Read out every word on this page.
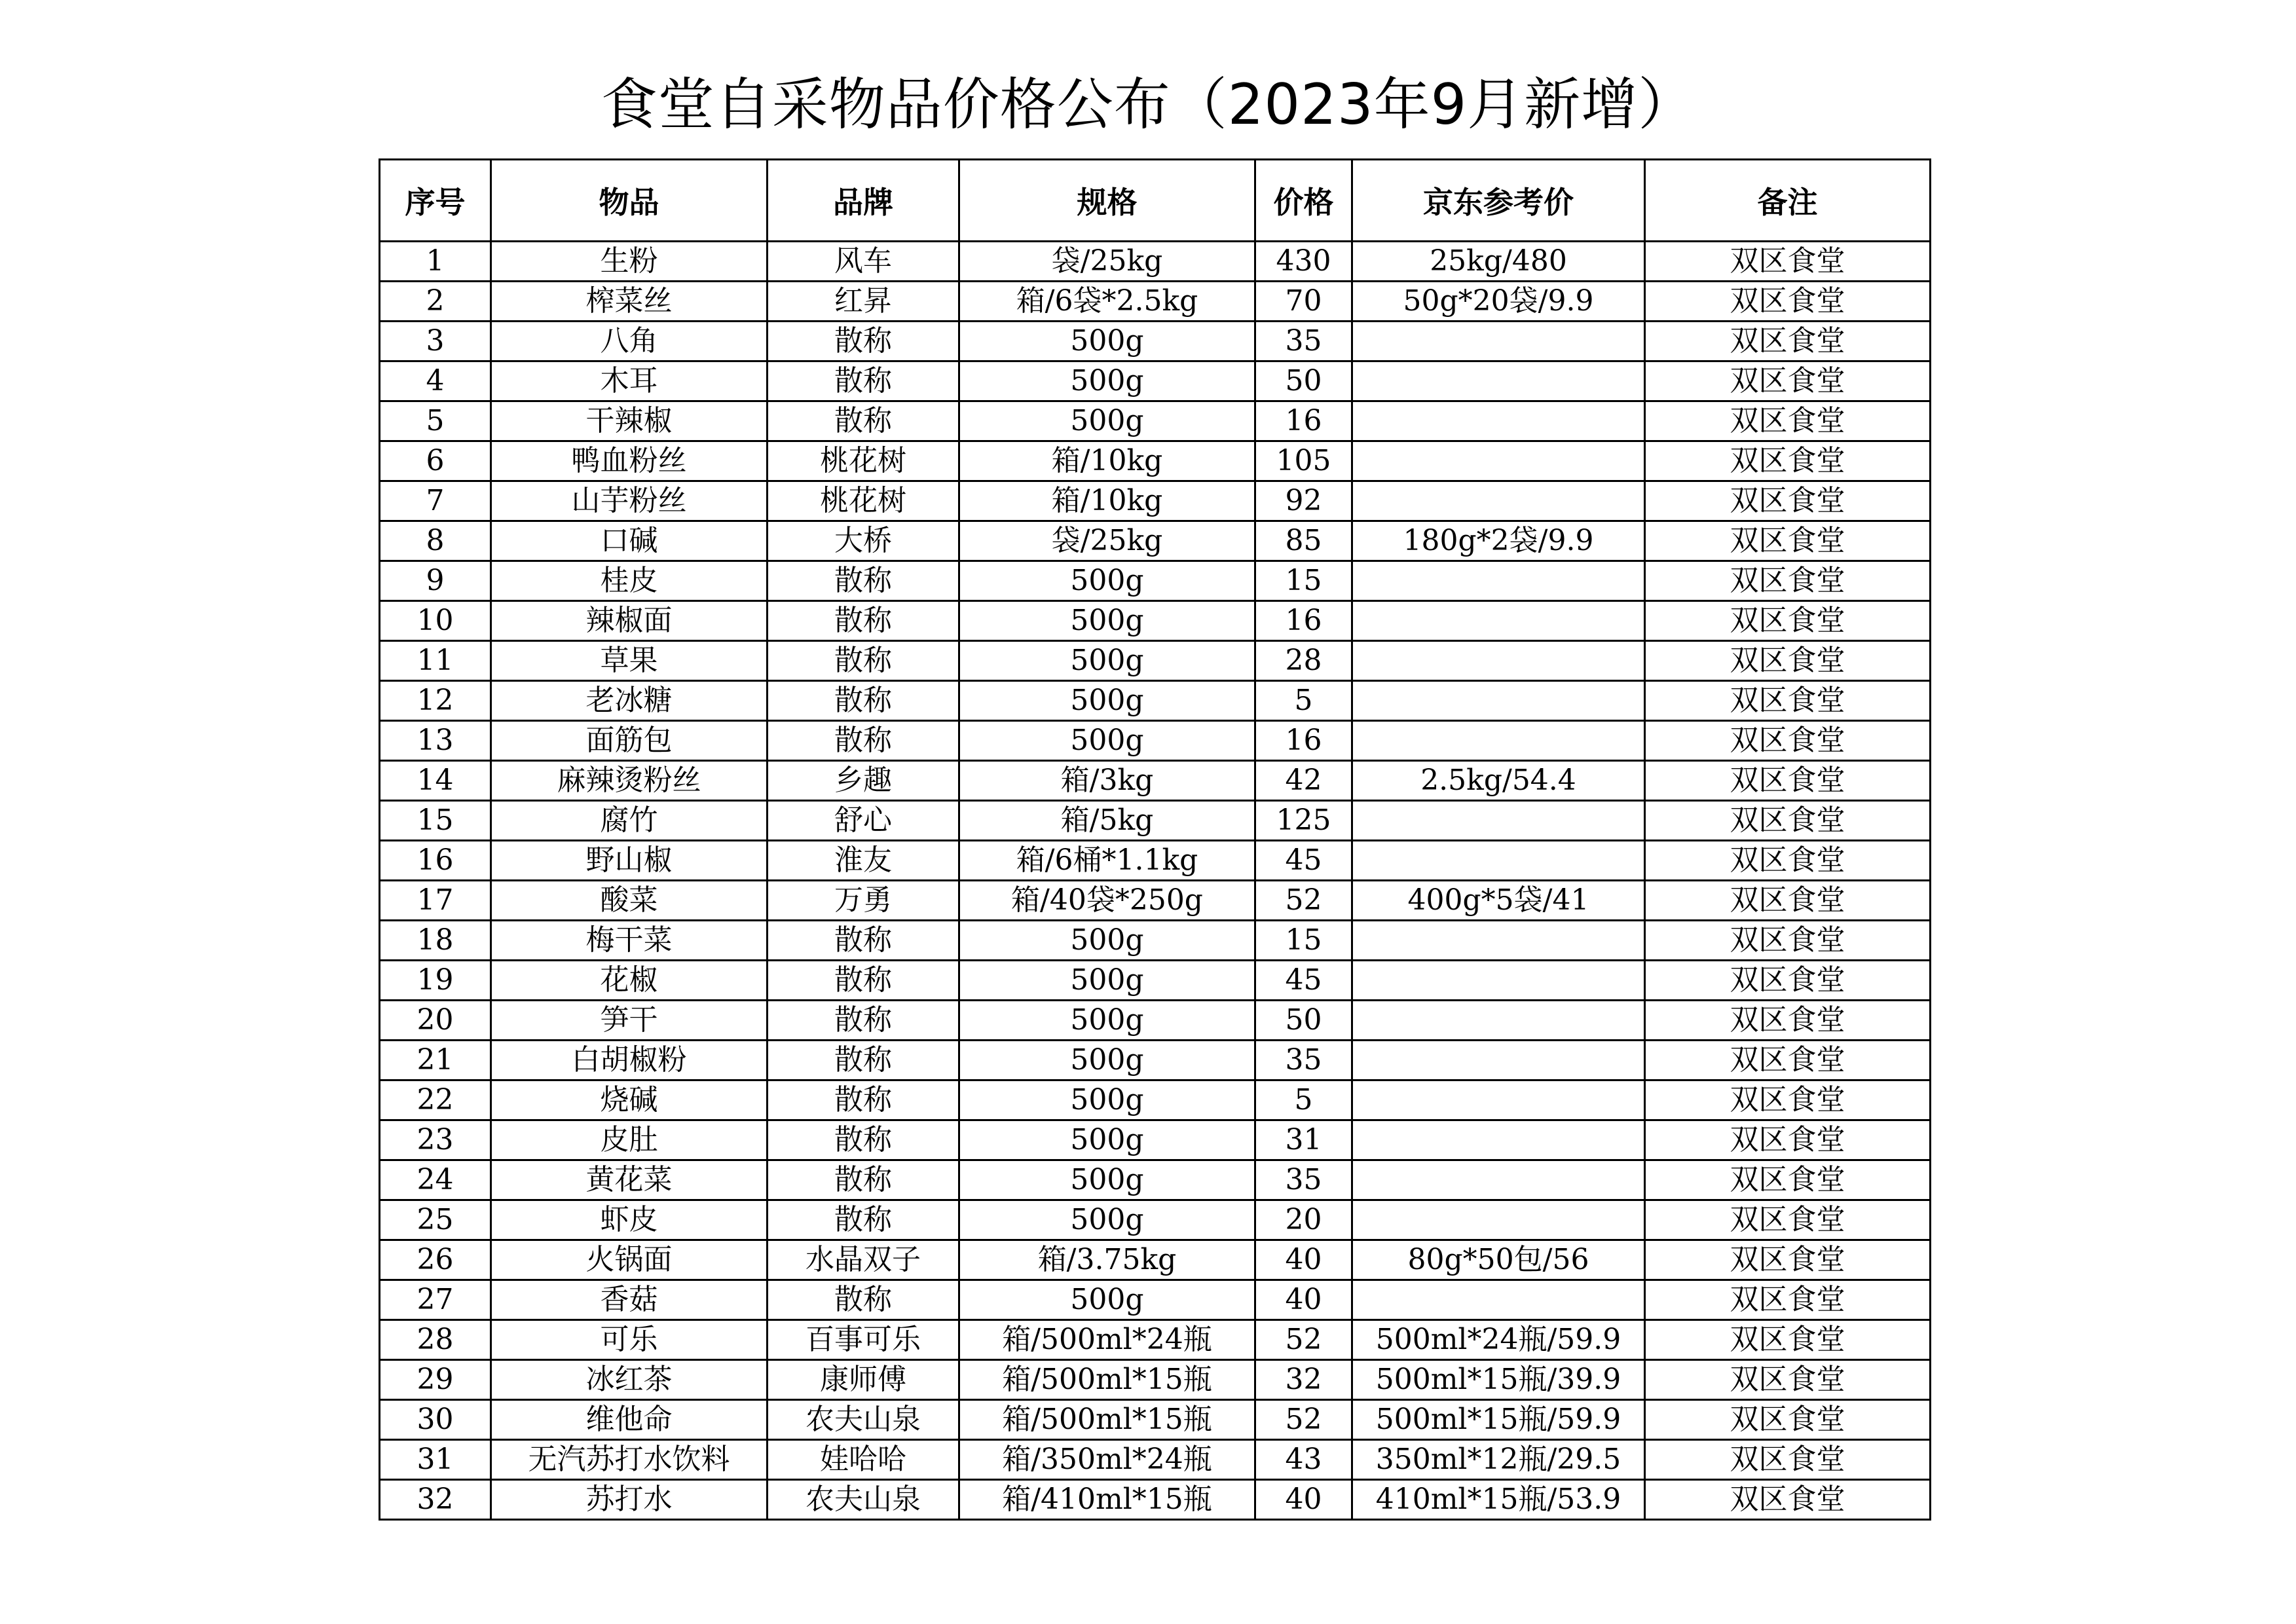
食堂自采物品价格公布（2023年9月新增）
序号	物品	品牌	规格	价格	京东参考价	备注
1	生粉	风车	袋/25kg	430	25kg/480	双区食堂
2	榨菜丝	红昇	箱/6袋*2.5kg	70	50g*20袋/9.9	双区食堂
3	八角	散称	500g	35		双区食堂
4	木耳	散称	500g	50		双区食堂
5	干辣椒	散称	500g	16		双区食堂
6	鸭血粉丝	桃花树	箱/10kg	105		双区食堂
7	山芋粉丝	桃花树	箱/10kg	92		双区食堂
8	口碱	大桥	袋/25kg	85	180g*2袋/9.9	双区食堂
9	桂皮	散称	500g	15		双区食堂
10	辣椒面	散称	500g	16		双区食堂
11	草果	散称	500g	28		双区食堂
12	老冰糖	散称	500g	5		双区食堂
13	面筋包	散称	500g	16		双区食堂
14	麻辣烫粉丝	乡趣	箱/3kg	42	2.5kg/54.4	双区食堂
15	腐竹	舒心	箱/5kg	125		双区食堂
16	野山椒	淮友	箱/6桶*1.1kg	45		双区食堂
17	酸菜	万勇	箱/40袋*250g	52	400g*5袋/41	双区食堂
18	梅干菜	散称	500g	15		双区食堂
19	花椒	散称	500g	45		双区食堂
20	笋干	散称	500g	50		双区食堂
21	白胡椒粉	散称	500g	35		双区食堂
22	烧碱	散称	500g	5		双区食堂
23	皮肚	散称	500g	31		双区食堂
24	黄花菜	散称	500g	35		双区食堂
25	虾皮	散称	500g	20		双区食堂
26	火锅面	水晶双子	箱/3.75kg	40	80g*50包/56	双区食堂
27	香菇	散称	500g	40		双区食堂
28	可乐	百事可乐	箱/500ml*24瓶	52	500ml*24瓶/59.9	双区食堂
29	冰红茶	康师傅	箱/500ml*15瓶	32	500ml*15瓶/39.9	双区食堂
30	维他命	农夫山泉	箱/500ml*15瓶	52	500ml*15瓶/59.9	双区食堂
31	无汽苏打水饮料	娃哈哈	箱/350ml*24瓶	43	350ml*12瓶/29.5	双区食堂
32	苏打水	农夫山泉	箱/410ml*15瓶	40	410ml*15瓶/53.9	双区食堂
